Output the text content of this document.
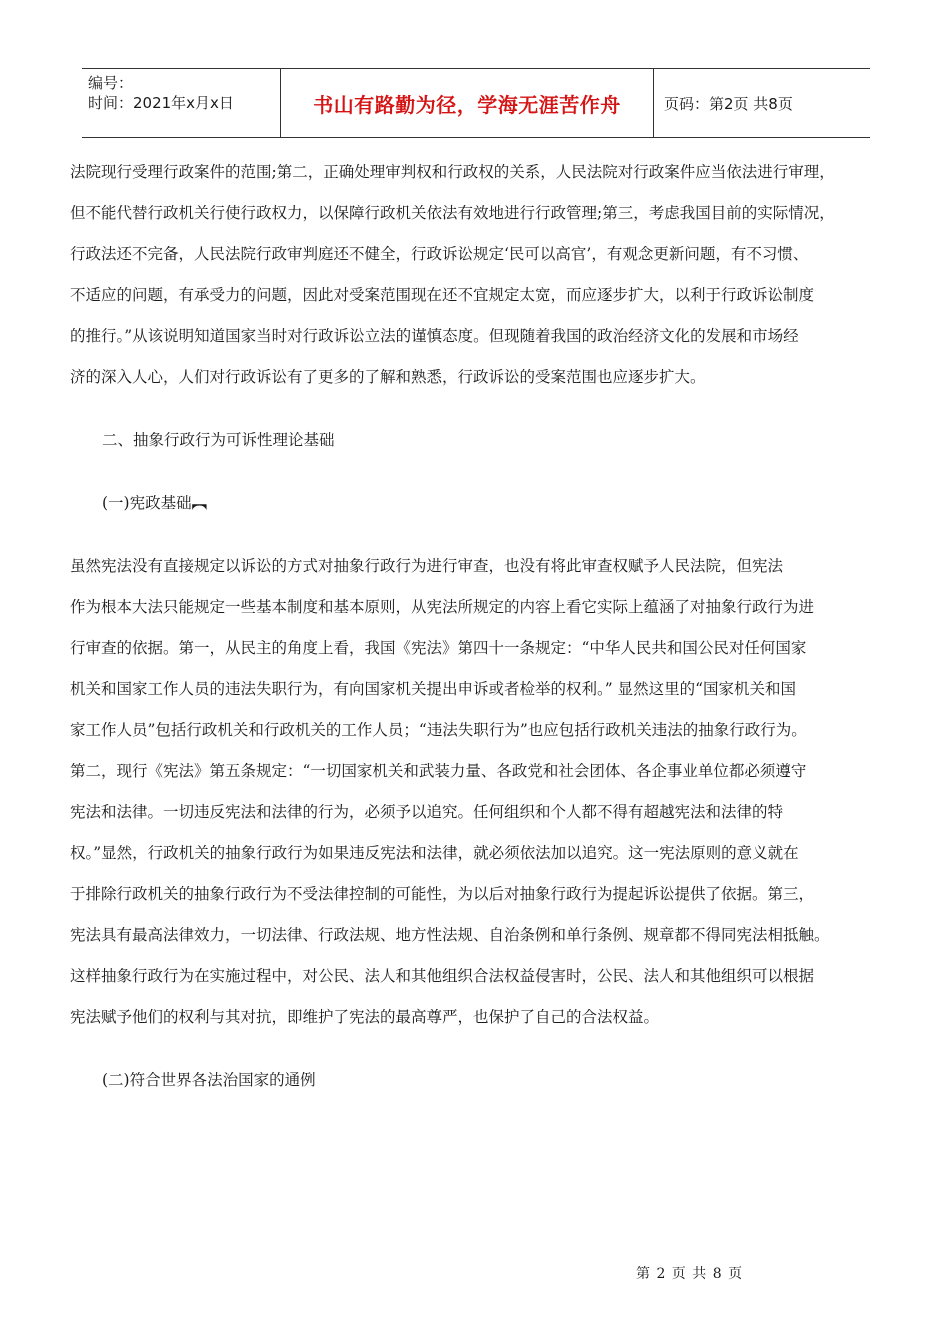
编号：
时间：2021年x月x日	书山有路勤为径，学海无涯苦作舟	页码：第2页 共8页

法院现行受理行政案件的范围;第二，正确处理审判权和行政权的关系，人民法院对行政案件应当依法进行审理，

但不能代替行政机关行使行政权力，以保障行政机关依法有效地进行行政管理;第三，考虑我国目前的实际情况，

行政法还不完备，人民法院行政审判庭还不健全，行政诉讼规定‘民可以高官’，有观念更新问题，有不习惯、

不适应的问题，有承受力的问题，因此对受案范围现在还不宜规定太宽，而应逐步扩大，以利于行政诉讼制度

的推行。”从该说明知道国家当时对行政诉讼立法的谨慎态度。但现随着我国的政治经济文化的发展和市场经

济的深入人心，人们对行政诉讼有了更多的了解和熟悉，行政诉讼的受案范围也应逐步扩大。

二、抽象行政行为可诉性理论基础

(一)宪政基础︻

虽然宪法没有直接规定以诉讼的方式对抽象行政行为进行审查，也没有将此审查权赋予人民法院，但宪法

作为根本大法只能规定一些基本制度和基本原则，从宪法所规定的内容上看它实际上蕴涵了对抽象行政行为进

行审查的依据。第一，从民主的角度上看，我国《宪法》第四十一条规定：“中华人民共和国公民对任何国家

机关和国家工作人员的违法失职行为，有向国家机关提出申诉或者检举的权利。” 显然这里的“国家机关和国

家工作人员”包括行政机关和行政机关的工作人员；“违法失职行为”也应包括行政机关违法的抽象行政行为。

第二，现行《宪法》第五条规定：“一切国家机关和武装力量、各政党和社会团体、各企事业单位都必须遵守

宪法和法律。一切违反宪法和法律的行为，必须予以追究。任何组织和个人都不得有超越宪法和法律的特

权。”显然，行政机关的抽象行政行为如果违反宪法和法律，就必须依法加以追究。这一宪法原则的意义就在

于排除行政机关的抽象行政行为不受法律控制的可能性，为以后对抽象行政行为提起诉讼提供了依据。第三，

宪法具有最高法律效力，一切法律、行政法规、地方性法规、自治条例和单行条例、规章都不得同宪法相抵触。

这样抽象行政行为在实施过程中，对公民、法人和其他组织合法权益侵害时，公民、法人和其他组织可以根据

宪法赋予他们的权利与其对抗，即维护了宪法的最高尊严，也保护了自己的合法权益。

(二)符合世界各法治国家的通例

第 2 页 共 8 页
